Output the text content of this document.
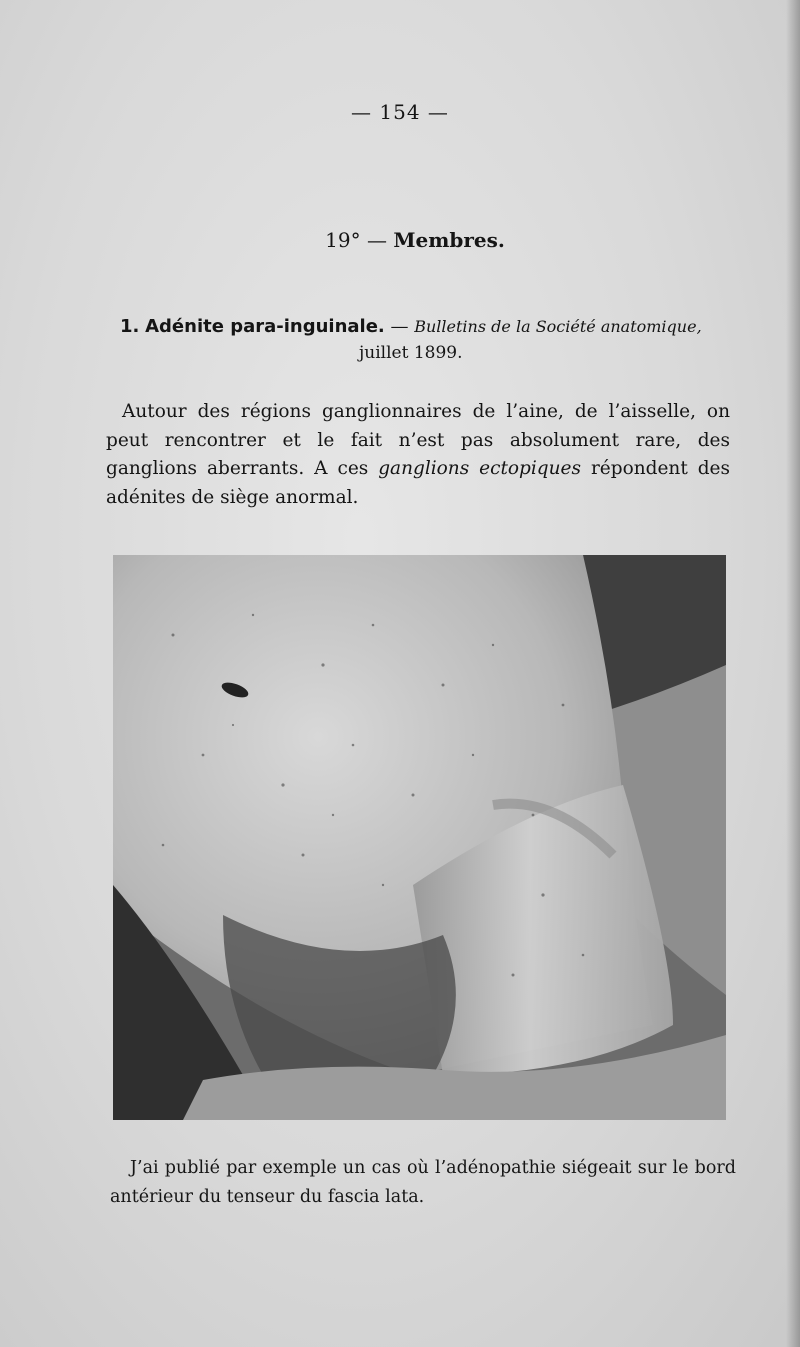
— 154 —
19° — Membres.
1. Adénite para-inguinale. — Bulletins de la Société anatomique,
juillet 1899.
Autour des régions ganglionnaires de l’aine, de l’aisselle, on peut rencontrer et le fait n’est pas absolument rare, des ganglions aberrants. A ces ganglions ectopiques répondent des adénites de siège anormal.
J’ai publié par exemple un cas où l’adénopathie siégeait sur le bord antérieur du tenseur du fascia lata.
